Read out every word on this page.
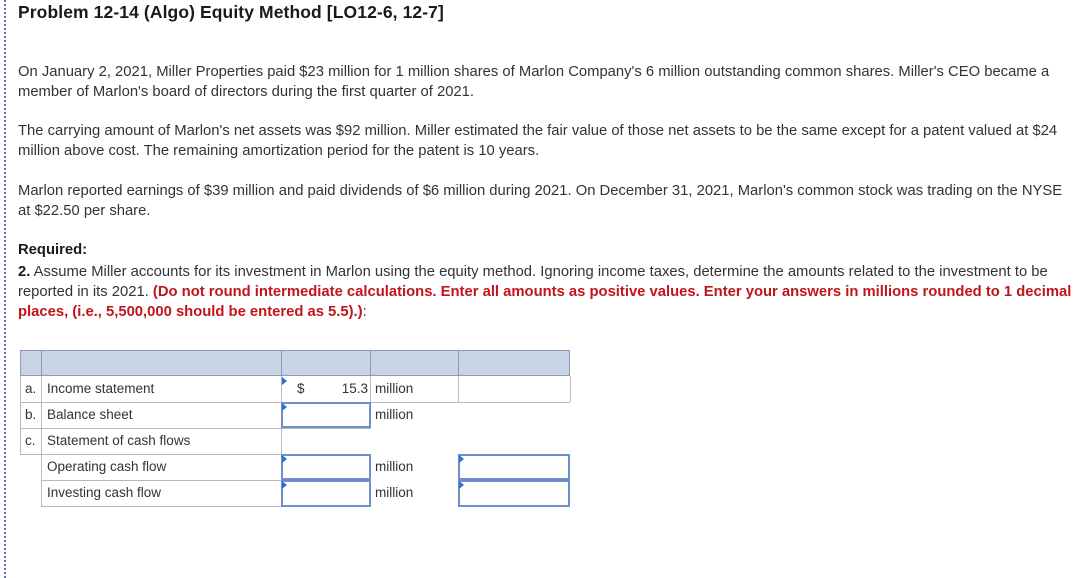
Problem 12-14 (Algo) Equity Method [LO12-6, 12-7]
On January 2, 2021, Miller Properties paid $23 million for 1 million shares of Marlon Company's 6 million outstanding common shares. Miller's CEO became a member of Marlon's board of directors during the first quarter of 2021.
The carrying amount of Marlon's net assets was $92 million. Miller estimated the fair value of those net assets to be the same except for a patent valued at $24 million above cost. The remaining amortization period for the patent is 10 years.
Marlon reported earnings of $39 million and paid dividends of $6 million during 2021. On December 31, 2021, Marlon's common stock was trading on the NYSE at $22.50 per share.
Required:
2. Assume Miller accounts for its investment in Marlon using the equity method. Ignoring income taxes, determine the amounts related to the investment to be reported in its 2021. (Do not round intermediate calculations. Enter all amounts as positive values. Enter your answers in millions rounded to 1 decimal places, (i.e., 5,500,000 should be entered as 5.5).):
a. Income statement	$	15.3 million
b. Balance sheet	million
c. Statement of cash flows
Operating cash flow	million
Investing cash flow	million
